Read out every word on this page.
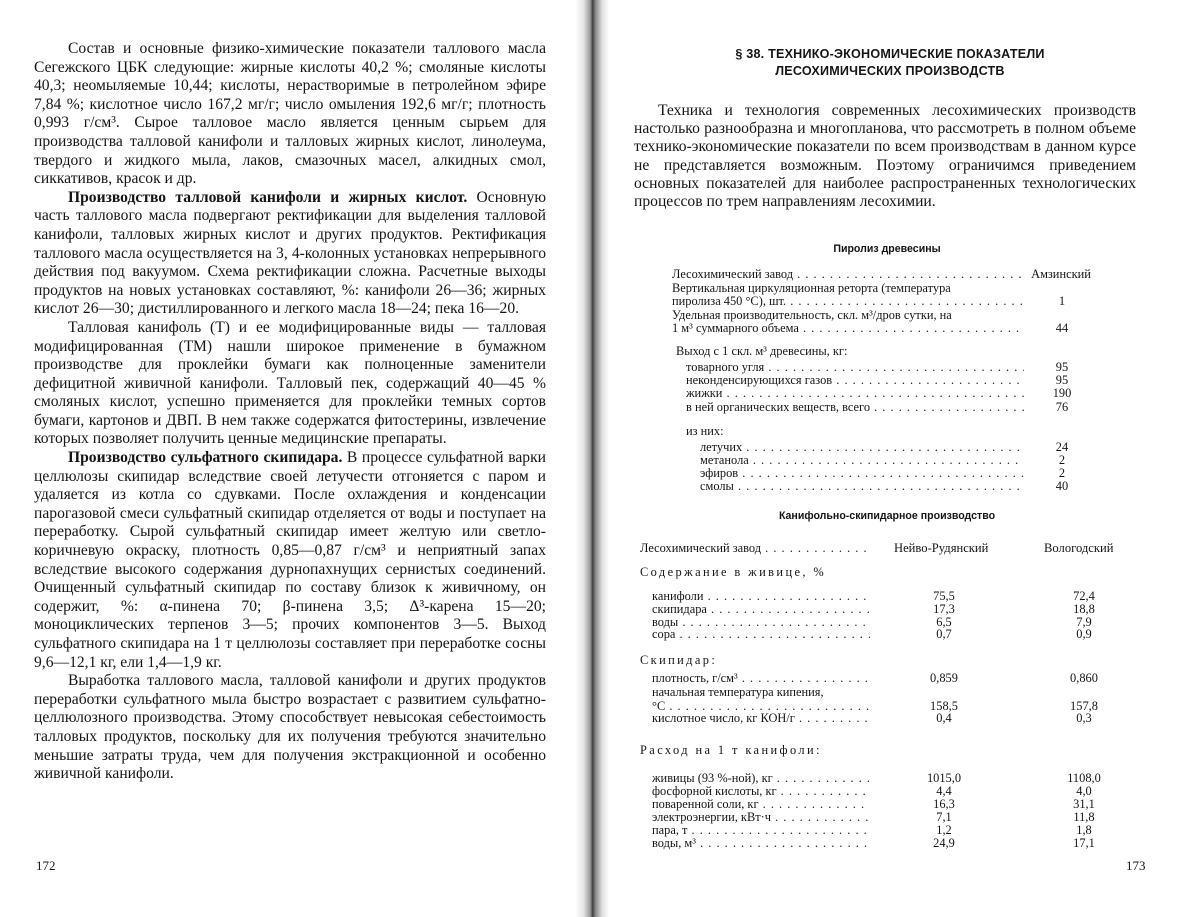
Состав и основные физико-химические показатели таллового масла Сегежского ЦБК следующие: жирные кислоты 40,2 %; смоляные кислоты 40,3; неомыляемые 10,44; кислоты, нерастворимые в петролейном эфире 7,84 %; кислотное число 167,2 мг/г; число омыления 192,6 мг/г; плотность 0,993 г/см³. Сырое талловое масло является ценным сырьем для производства талловой канифоли и талловых жирных кислот, линолеума, твердого и жидкого мыла, лаков, смазочных масел, алкидных смол, сиккативов, красок и др.

Производство талловой канифоли и жирных кислот. Основную часть таллового масла подвергают ректификации для выделения талловой канифоли, талловых жирных кислот и других продуктов. Ректификация таллового масла осуществляется на 3, 4-колонных установках непрерывного действия под вакуумом. Схема ректификации сложна. Расчетные выходы продуктов на новых установках составляют, %: канифоли 26—36; жирных кислот 26—30; дистиллированного и легкого масла 18—24; пека 16—20.

Талловая канифоль (Т) и ее модифицированные виды — талловая модифицированная (ТМ) нашли широкое применение в бумажном производстве для проклейки бумаги как полноценные заменители дефицитной живичной канифоли. Талловый пек, содержащий 40—45 % смоляных кислот, успешно применяется для проклейки темных сортов бумаги, картонов и ДВП. В нем также содержатся фитостерины, извлечение которых позволяет получить ценные медицинские препараты.

Производство сульфатного скипидара. В процессе сульфатной варки целлюлозы скипидар вследствие своей летучести отгоняется с паром и удаляется из котла со сдувками. После охлаждения и конденсации парогазовой смеси сульфатный скипидар отделяется от воды и поступает на переработку. Сырой сульфатный скипидар имеет желтую или светло-коричневую окраску, плотность 0,85—0,87 г/см³ и неприятный запах вследствие высокого содержания дурнопахнущих сернистых соединений. Очищенный сульфатный скипидар по составу близок к живичному, он содержит, %: α-пинена 70; β-пинена 3,5; Δ³-карена 15—20; моноциклических терпенов 3—5; прочих компонентов 3—5. Выход сульфатного скипидара на 1 т целлюлозы составляет при переработке сосны 9,6—12,1 кг, ели 1,4—1,9 кг.

Выработка таллового масла, талловой канифоли и других продуктов переработки сульфатного мыла быстро возрастает с развитием сульфатно-целлюлозного производства. Этому способствует невысокая себестоимость талловых продуктов, поскольку для их получения требуются значительно меньшие затраты труда, чем для получения экстракционной и особенно живичной канифоли.

172
§ 38. ТЕХНИКО-ЭКОНОМИЧЕСКИЕ ПОКАЗАТЕЛИ
ЛЕСОХИМИЧЕСКИХ ПРОИЗВОДСТВ

Техника и технология современных лесохимических производств настолько разнообразна и многопланова, что рассмотреть в полном объеме технико-экономические показатели по всем производствам в данном курсе не представляется возможным. Поэтому ограничимся приведением основных показателей для наиболее распространенных технологических процессов по трем направлениям лесохимии.

Пиролиз древесины
Лесохимический завод . . .	Амзинский
Вертикальная циркуляционная реторта (температура
пиролиза 450 °С), шт. . . .	1
Удельная производительность, скл. м³/дров сутки, на
1 м³ суммарного объема . . .	44
Выход с 1 скл. м³ древесины, кг:
товарного угля . . .	95
неконденсирующихся газов . . .	95
жижки . . .	190
в ней органических веществ, всего . . .	76
из них:
летучих . . .	24
метанола . . .	2
эфиров . . .	2
смолы . . .	40
Канифольно-скипидарное производство
Лесохимический завод . . .	Нейво-Рудянский	Вологодский
Содержание в живице, %
канифоли . . .	75,5	72,4
скипидара . . .	17,3	18,8
воды . . .	6,5	7,9
сора . . .	0,7	0,9
Скипидар:
плотность, г/см³ . . .	0,859	0,860
начальная температура кипения,
°С . . .	158,5	157,8
кислотное число, кг КОН/г . . .	0,4	0,3
Расход на 1 т канифоли:
живицы (93 %-ной), кг . . .	1015,0	1108,0
фосфорной кислоты, кг . . .	4,4	4,0
поваренной соли, кг . . .	16,3	31,1
электроэнергии, кВт·ч . . .	7,1	11,8
пара, т . . .	1,2	1,8
воды, м³ . . .	24,9	17,1
173
